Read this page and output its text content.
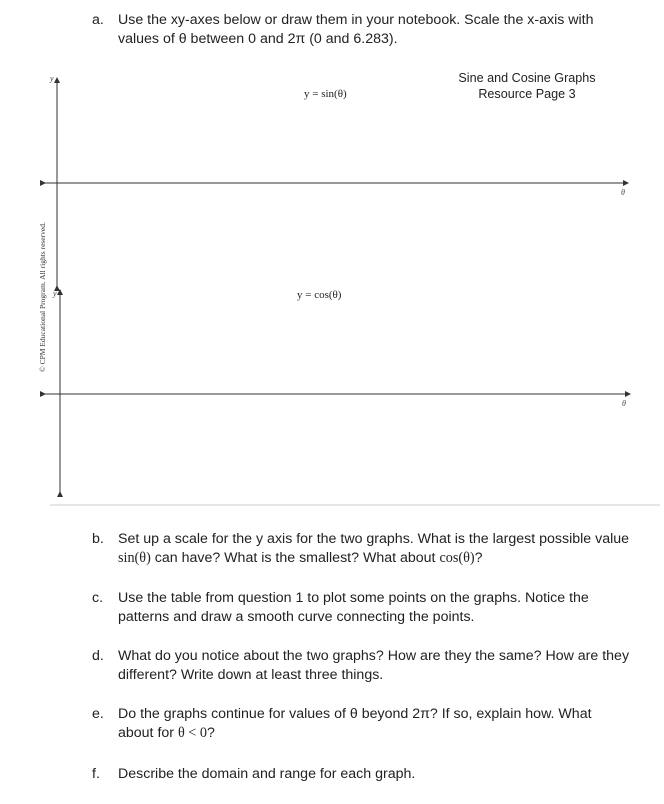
a. Use the xy-axes below or draw them in your notebook. Scale the x-axis with
values of θ between 0 and 2π (0 and 6.283).
Sine and Cosine Graphs
Resource Page 3
y = sin(θ)
y = cos(θ)
y
θ
y
θ
© CPM Educational Program. All rights reserved.
b. Set up a scale for the y axis for the two graphs. What is the largest possible value
sin(θ) can have? What is the smallest? What about cos(θ)?
c.	Use the table from question 1 to plot some points on the graphs. Notice the
patterns and draw a smooth curve connecting the points.
d. What do you notice about the two graphs? How are they the same? How are they
different? Write down at least three things.
e. Do the graphs continue for values of θ beyond 2π? If so, explain how. What
about for θ < 0?
f.	Describe the domain and range for each graph.
